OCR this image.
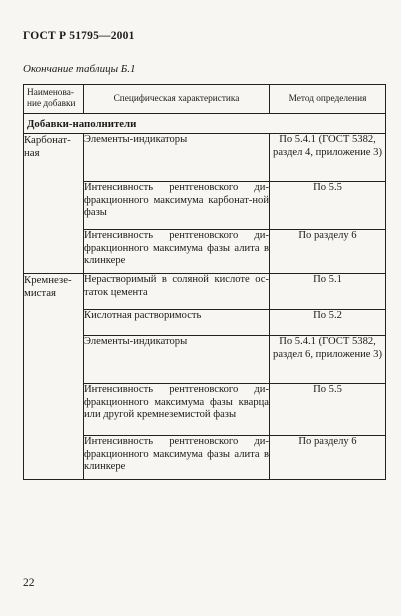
ГОСТ Р 51795—2001
Окончание таблицы Б.1
Наименова-ние добавки	Специфическая характеристика	Метод определения
Добавки-наполнители		
Карбонат-ная	Элементы-индикаторы	По 5.4.1 (ГОСТ 5382, раздел 4, приложение 3)
	Интенсивность рентгеновского ди-фракционного максимума карбонат-ной фазы	По 5.5
	Интенсивность рентгеновского ди-фракционного максимума фазы алита в клинкере	По разделу 6
Кремнезе-мистая	Нерастворимый в соляной кислоте ос-таток цемента	По 5.1
	Кислотная растворимость	По 5.2
	Элементы-индикаторы	По 5.4.1 (ГОСТ 5382, раздел 6, приложение 3)
	Интенсивность рентгеновского ди-фракционного максимума фазы кварца или другой кремнеземистой фазы	По 5.5
	Интенсивность рентгеновского ди-фракционного максимума фазы алита в клинкере	По разделу 6
22
